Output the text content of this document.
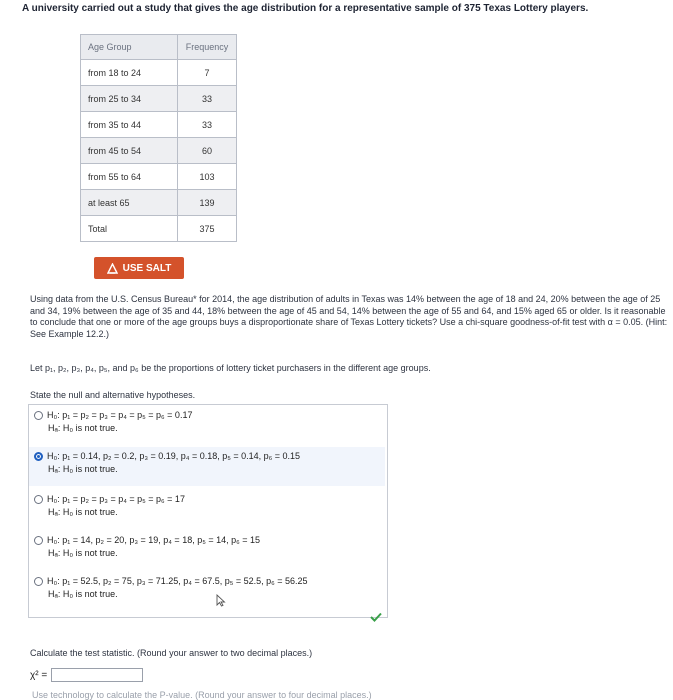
A university carried out a study that gives the age distribution for a representative sample of 375 Texas Lottery players.
Age Group	Frequency
from 18 to 24	7
from 25 to 34	33
from 35 to 44	33
from 45 to 54	60
from 55 to 64	103
at least 65	139
Total	375
USE SALT
Using data from the U.S. Census Bureau* for 2014, the age distribution of adults in Texas was 14% between the age of 18 and 24, 20% between the age of 25 and 34, 19% between the age of 35 and 44, 18% between the age of 45 and 54, 14% between the age of 55 and 64, and 15% aged 65 or older. Is it reasonable to conclude that one or more of the age groups buys a disproportionate share of Texas Lottery tickets? Use a chi-square goodness-of-fit test with α = 0.05. (Hint: See Example 12.2.)
Let p₁, p₂, p₃, p₄, p₅, and p₆ be the proportions of lottery ticket purchasers in the different age groups.
State the null and alternative hypotheses.
H₀: p₁ = p₂ = p₃ = p₄ = p₅ = p₆ = 0.17
Hₐ: H₀ is not true.
H₀: p₁ = 0.14, p₂ = 0.2, p₃ = 0.19, p₄ = 0.18, p₅ = 0.14, p₆ = 0.15
Hₐ: H₀ is not true.
H₀: p₁ = p₂ = p₃ = p₄ = p₅ = p₆ = 17
Hₐ: H₀ is not true.
H₀: p₁ = 14, p₂ = 20, p₃ = 19, p₄ = 18, p₅ = 14, p₆ = 15
Hₐ: H₀ is not true.
H₀: p₁ = 52.5, p₂ = 75, p₃ = 71.25, p₄ = 67.5, p₅ = 52.5, p₆ = 56.25
Hₐ: H₀ is not true.
Calculate the test statistic. (Round your answer to two decimal places.)
χ² =
Use technology to calculate the P-value. (Round your answer to four decimal places.)
